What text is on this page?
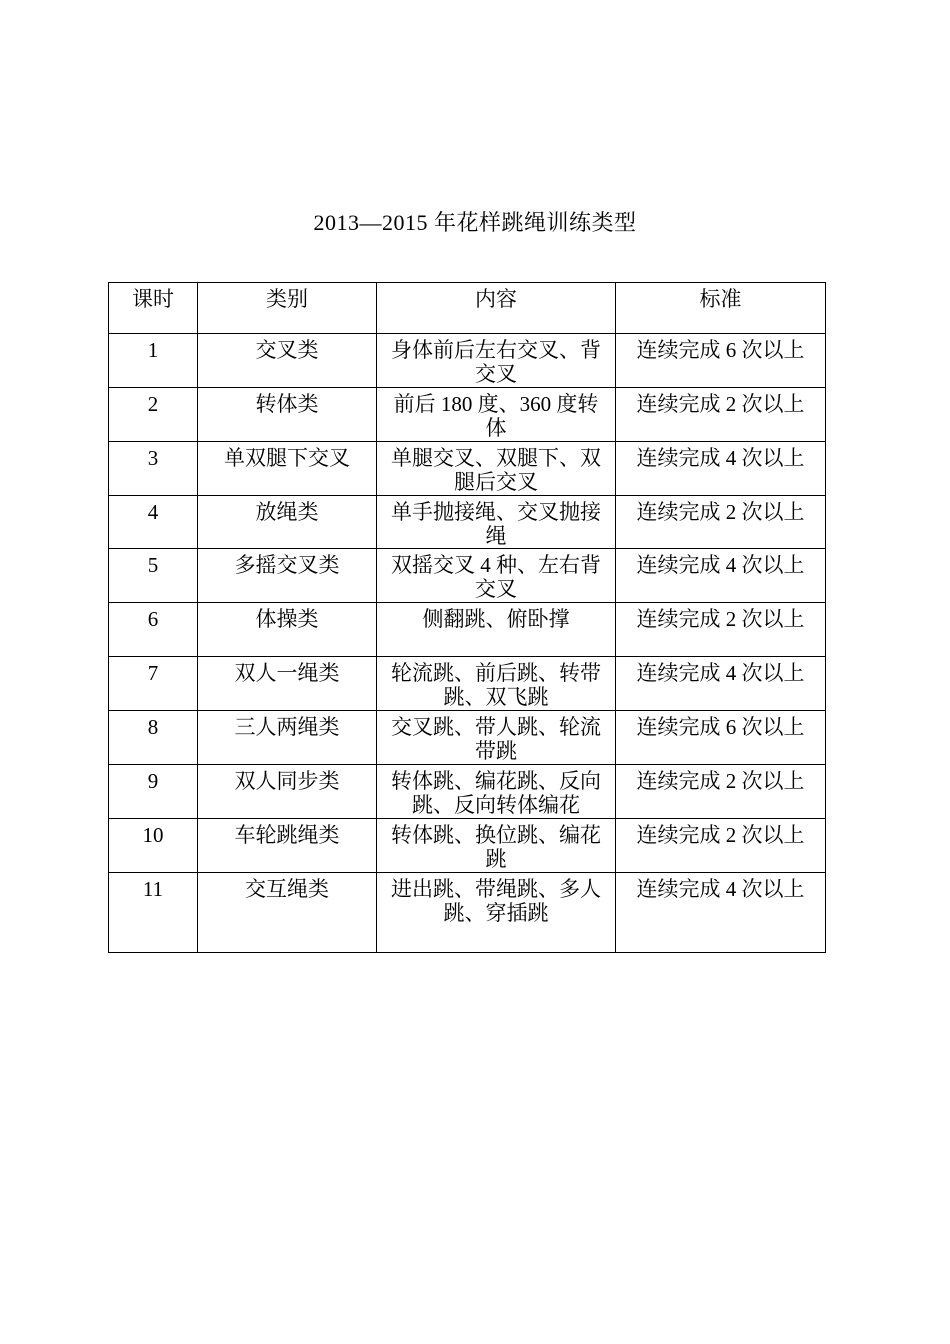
2013—2015 年花样跳绳训练类型
课时	类别	内容	标准
1	交叉类	身体前后左右交叉、背交叉	连续完成 6 次以上
2	转体类	前后 180 度、360 度转体	连续完成 2 次以上
3	单双腿下交叉	单腿交叉、双腿下、双腿后交叉	连续完成 4 次以上
4	放绳类	单手抛接绳、交叉抛接绳	连续完成 2 次以上
5	多摇交叉类	双摇交叉 4 种、左右背交叉	连续完成 4 次以上
6	体操类	侧翻跳、俯卧撑	连续完成 2 次以上
7	双人一绳类	轮流跳、前后跳、转带跳、双飞跳	连续完成 4 次以上
8	三人两绳类	交叉跳、带人跳、轮流带跳	连续完成 6 次以上
9	双人同步类	转体跳、编花跳、反向跳、反向转体编花	连续完成 2 次以上
10	车轮跳绳类	转体跳、换位跳、编花跳	连续完成 2 次以上
11	交互绳类	进出跳、带绳跳、多人跳、穿插跳	连续完成 4 次以上
